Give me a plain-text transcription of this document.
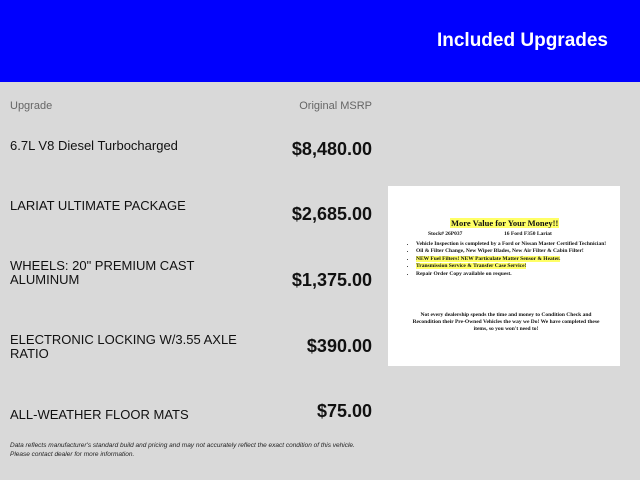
Included Upgrades
Upgrade	Original MSRP
6.7L V8 Diesel Turbocharged	$8,480.00
LARIAT ULTIMATE PACKAGE	$2,685.00
WHEELS: 20" PREMIUM CAST ALUMINUM	$1,375.00
ELECTRONIC LOCKING W/3.55 AXLE RATIO	$390.00
ALL-WEATHER FLOOR MATS	$75.00
Data reflects manufacturer's standard build and pricing and may not accurately reflect the exact condition of this vehicle.
Please contact dealer for more information.
More Value for Your Money!!
Stock# 26P037	16 Ford F350 Lariat
• Vehicle Inspection is completed by a Ford or Nissan Master Certified Technician!
• Oil & Filter Change, New Wiper Blades, New Air Filter & Cabin Filter!
• NEW Fuel Filters! NEW Particulate Matter Sensor & Heater.
• Transmission Service & Transfer Case Service!
• Repair Order Copy available on request.
Not every dealership spends the time and money to Condition Check and Recondition their Pre-Owned Vehicles the way we Do! We have completed these items, so you won't need to!
